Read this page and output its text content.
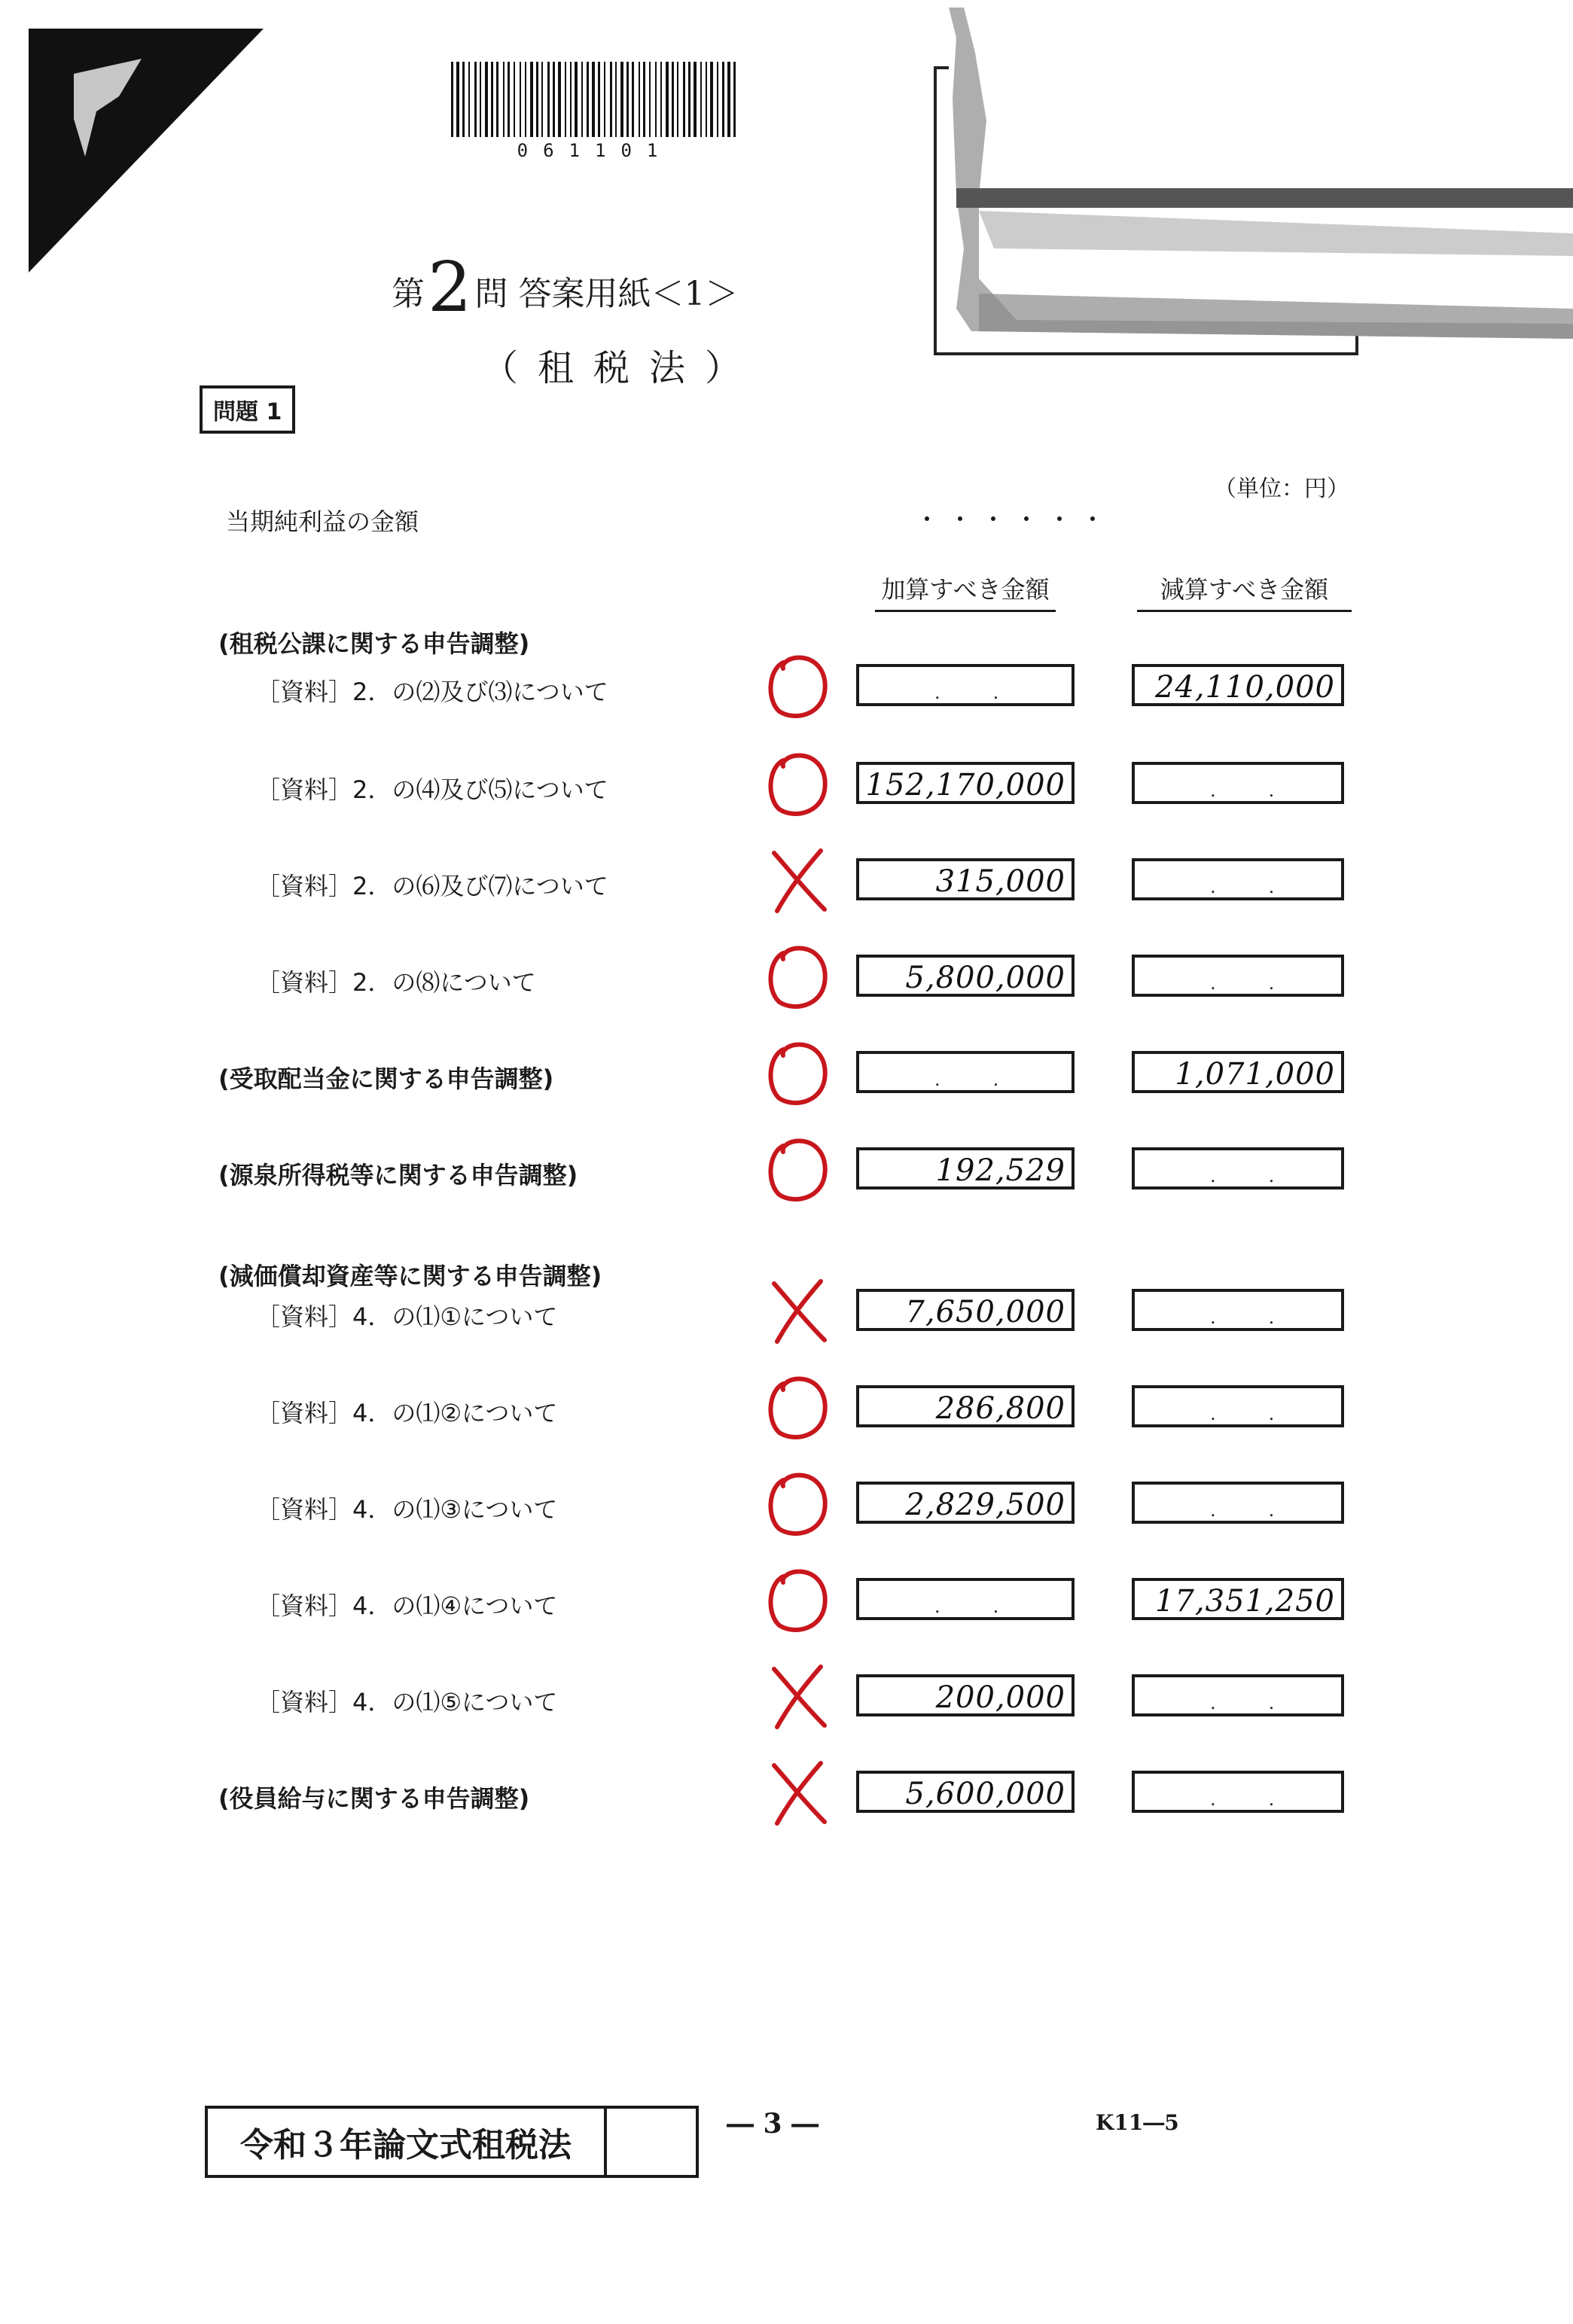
061101
第2問 答案用紙＜1＞
（租税法）
問題 1
（単位：円）
当期純利益の金額	・・・・・・
加算すべき金額	減算すべき金額
(租税公課に関する申告調整)
［資料］2．の⑵及び⑶について	..	24,110,000
［資料］2．の⑷及び⑸について	152,170,000	..
［資料］2．の⑹及び⑺について	315,000	..
［資料］2．の⑻について	5,800,000	..
(受取配当金に関する申告調整)	..	1,071,000
(源泉所得税等に関する申告調整)	192,529	..
(減価償却資産等に関する申告調整)
［資料］4．の⑴①について	7,650,000	..
［資料］4．の⑴②について	286,800	..
［資料］4．の⑴③について	2,829,500	..
［資料］4．の⑴④について	..	17,351,250
［資料］4．の⑴⑤について	200,000	..
(役員給与に関する申告調整)	5,600,000	..
令和３年論文式租税法
― 3 ―	K11―5
